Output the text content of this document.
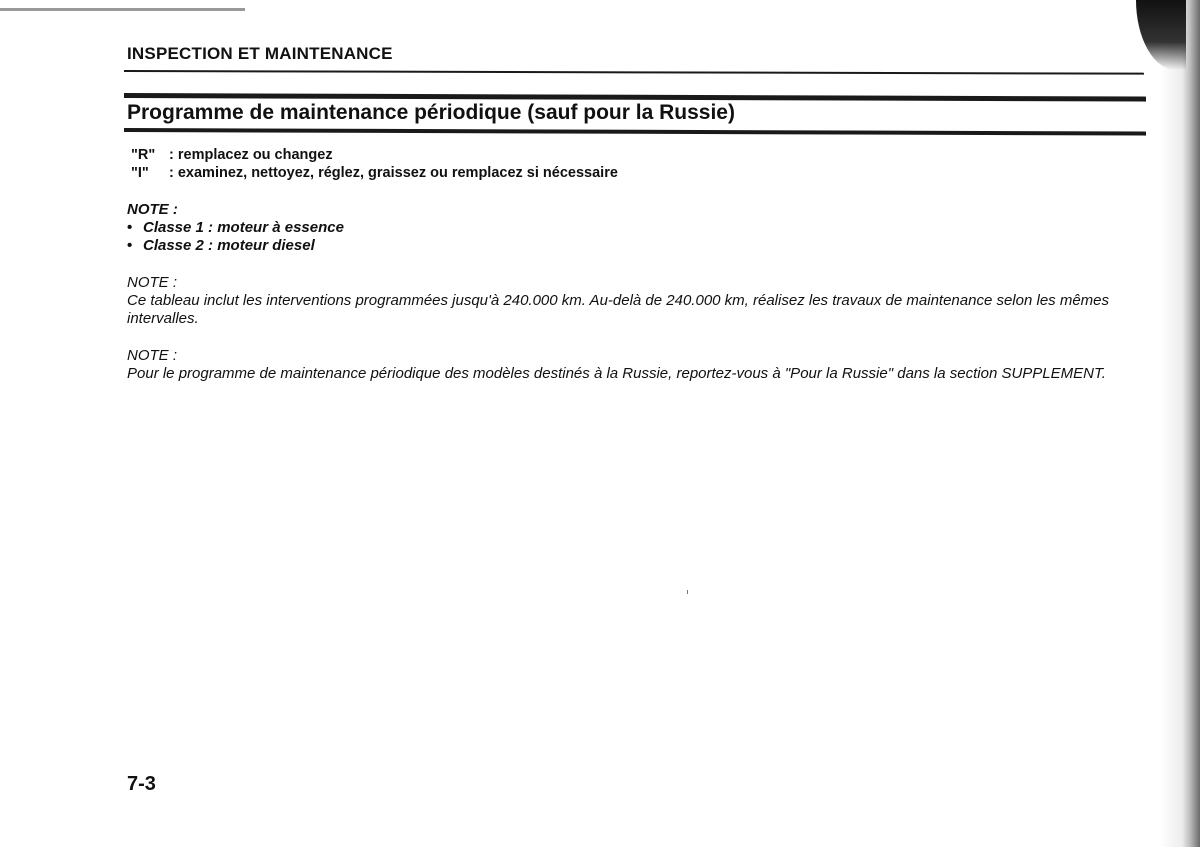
INSPECTION ET MAINTENANCE
Programme de maintenance périodique (sauf pour la Russie)
"R" : remplacez ou changez
"I"	: examinez, nettoyez, réglez, graissez ou remplacez si nécessaire
NOTE :
• Classe 1 : moteur à essence
• Classe 2 : moteur diesel
NOTE :
Ce tableau inclut les interventions programmées jusqu'à 240.000 km. Au-delà de 240.000 km, réalisez les travaux de maintenance selon les mêmes intervalles.
NOTE :
Pour le programme de maintenance périodique des modèles destinés à la Russie, reportez-vous à "Pour la Russie" dans la section SUPPLEMENT.
7-3
